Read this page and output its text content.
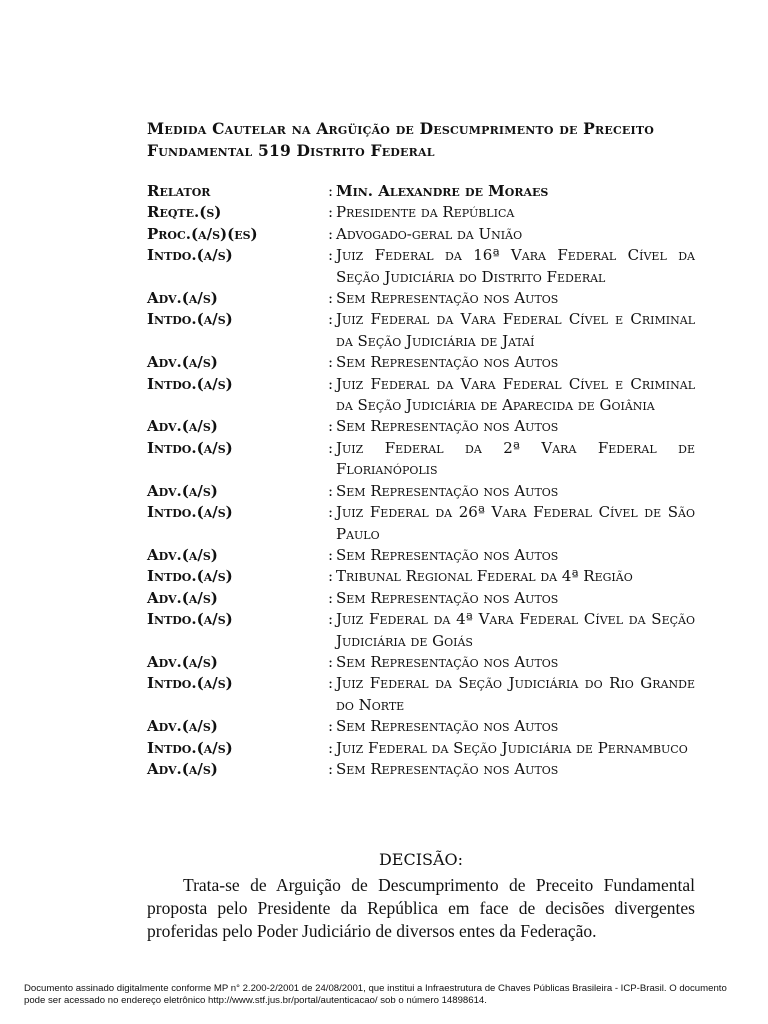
Medida Cautelar na Argüição de Descumprimento de Preceito Fundamental 519 Distrito Federal
Relator	: Min. Alexandre de Moraes
Reqte.(s)	: Presidente da República
Proc.(a/s)(es)	: Advogado-geral da União
Intdo.(a/s)	: Juiz Federal da 16ª Vara Federal Cível da Seção Judiciária do Distrito Federal
Adv.(a/s)	: Sem Representação nos Autos
Intdo.(a/s)	: Juiz Federal da Vara Federal Cível e Criminal da Seção Judiciária de Jataí
Adv.(a/s)	: Sem Representação nos Autos
Intdo.(a/s)	: Juiz Federal da Vara Federal Cível e Criminal da Seção Judiciária de Aparecida de Goiânia
Adv.(a/s)	: Sem Representação nos Autos
Intdo.(a/s)	: Juiz Federal da 2ª Vara Federal de Florianópolis
Adv.(a/s)	: Sem Representação nos Autos
Intdo.(a/s)	: Juiz Federal da 26ª Vara Federal Cível de São Paulo
Adv.(a/s)	: Sem Representação nos Autos
Intdo.(a/s)	: Tribunal Regional Federal da 4ª Região
Adv.(a/s)	: Sem Representação nos Autos
Intdo.(a/s)	: Juiz Federal da 4ª Vara Federal Cível da Seção Judiciária de Goiás
Adv.(a/s)	: Sem Representação nos Autos
Intdo.(a/s)	: Juiz Federal da Seção Judiciária do Rio Grande do Norte
Adv.(a/s)	: Sem Representação nos Autos
Intdo.(a/s)	: Juiz Federal da Seção Judiciária de Pernambuco
Adv.(a/s)	: Sem Representação nos Autos
DECISÃO:
Trata-se de Arguição de Descumprimento de Preceito Fundamental proposta pelo Presidente da República em face de decisões divergentes proferidas pelo Poder Judiciário de diversos entes da Federação.
Documento assinado digitalmente conforme MP n° 2.200-2/2001 de 24/08/2001, que institui a Infraestrutura de Chaves Públicas Brasileira - ICP-Brasil. O documento pode ser acessado no endereço eletrônico http://www.stf.jus.br/portal/autenticacao/ sob o número 14898614.
